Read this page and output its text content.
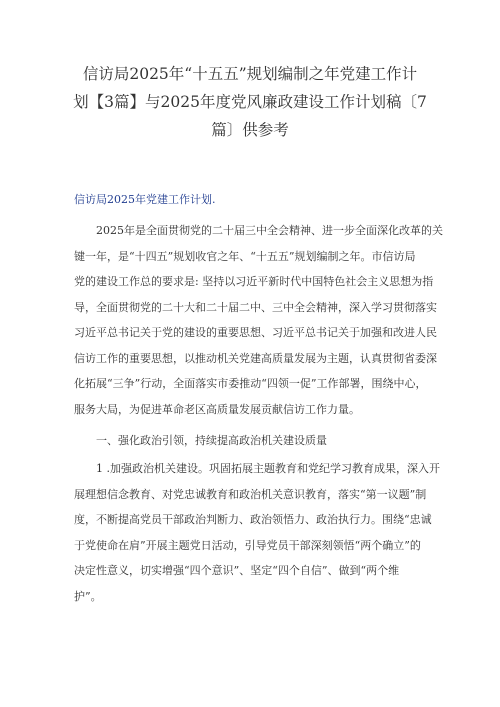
信访局2025年“十五五”规划编制之年党建工作计
划【3篇】与2025年度党风廉政建设工作计划稿〔7
篇〕供参考

信访局2025年党建工作计划.

　　2025年是全面贯彻党的二十届三中全会精神、进一步全面深化改革的关
键一年，是“十四五”规划收官之年、“十五五”规划编制之年。市信访局
党的建设工作总的要求是: 坚持以习近平新时代中国特色社会主义思想为指
导，全面贯彻党的二十大和二十届二中、三中全会精神，深入学习贯彻落实
习近平总书记关于党的建设的重要思想、习近平总书记关于加强和改进人民
信访工作的重要思想，以推动机关党建高质量发展为主题，认真贯彻省委深
化拓展“三争”行动，全面落实市委推动“四领一促”工作部署，围绕中心，
服务大局，为促进革命老区高质量发展贡献信访工作力量。
　　一、强化政治引领，持续提高政治机关建设质量
　　1 .加强政治机关建设。巩固拓展主题教育和党纪学习教育成果，深入开
展理想信念教育、对党忠诚教育和政治机关意识教育，落实“第一议题”制
度，不断提高党员干部政治判断力、政治领悟力、政治执行力。围绕“忠诚
于党使命在肩”开展主题党日活动，引导党员干部深刻领悟“两个确立”的
决定性意义，切实增强“四个意识”、坚定“四个自信”、做到“两个维
护”。
